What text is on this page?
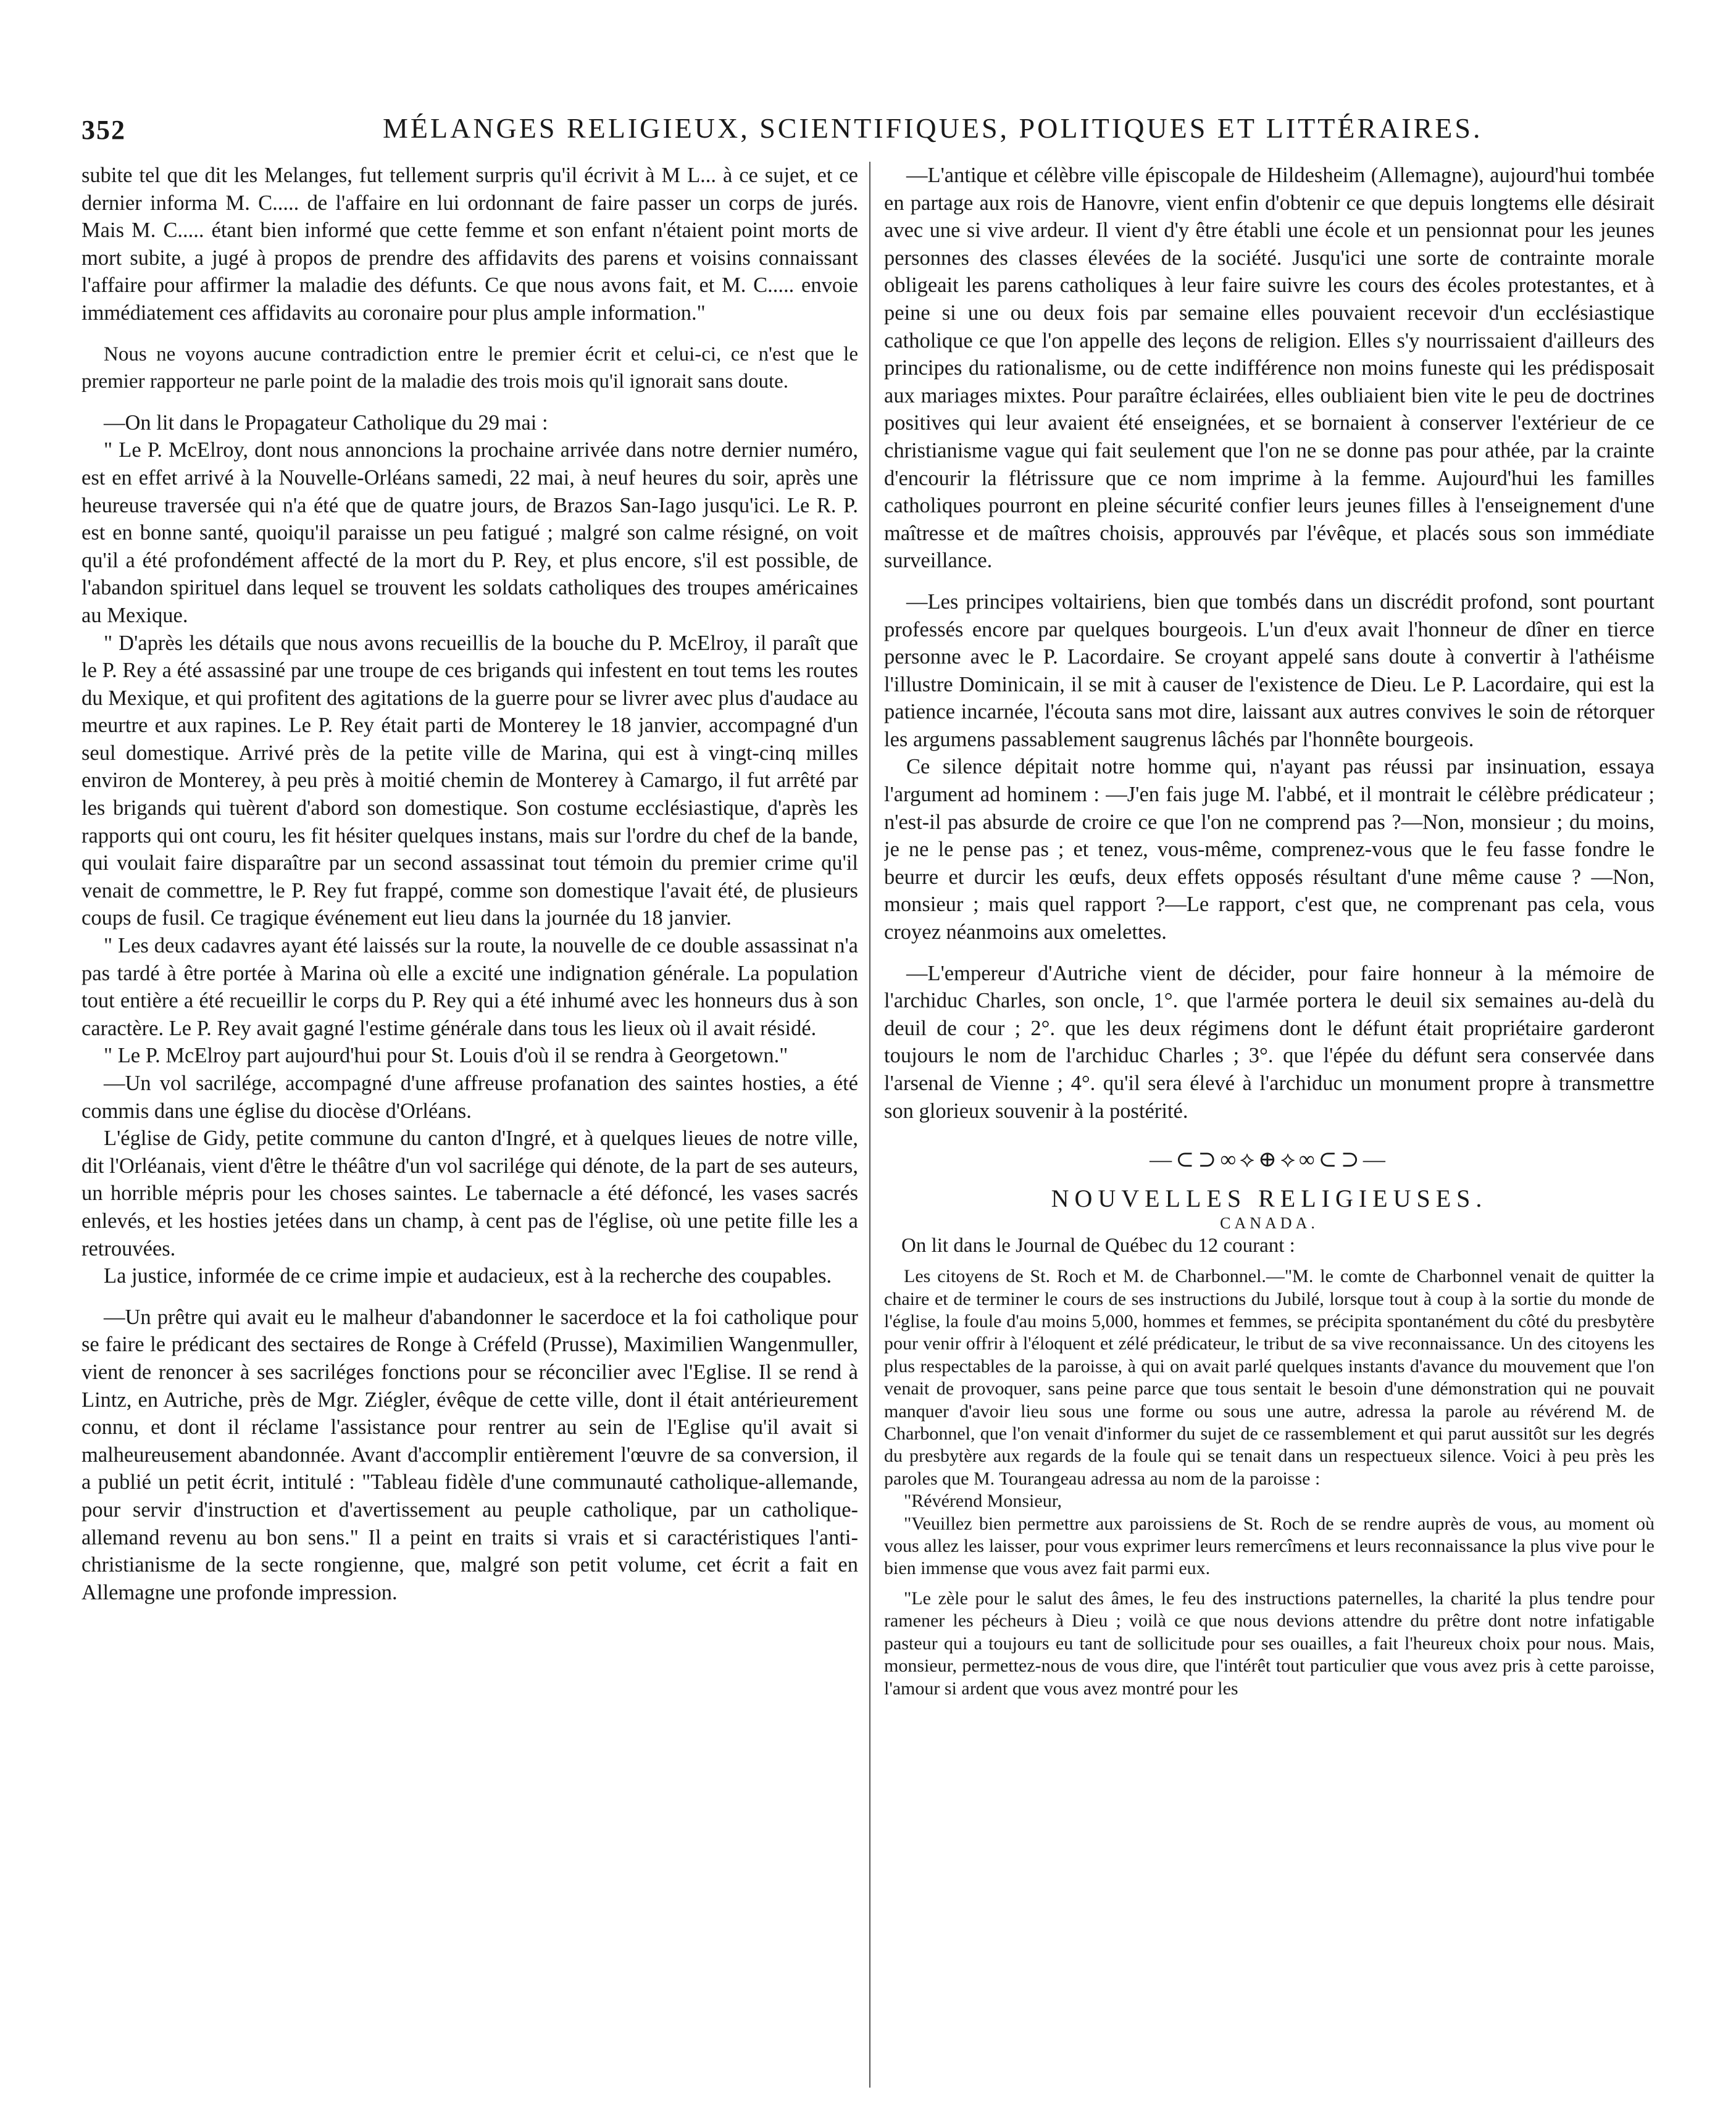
352	MÉLANGES RELIGIEUX, SCIENTIFIQUES, POLITIQUES ET LITTÉRAIRES.

subite tel que dit les Melanges, fut tellement surpris qu'il écrivit à M L... à ce sujet, et ce dernier informa M. C..... de l'affaire en lui ordonnant de faire passer un corps de jurés. Mais M. C..... étant bien informé que cette femme et son enfant n'étaient point morts de mort subite, a jugé à propos de prendre des affidavits des parens et voisins connaissant l'affaire pour affirmer la maladie des défunts. Ce que nous avons fait, et M. C..... envoie immédiatement ces affidavits au coronaire pour plus ample information."

Nous ne voyons aucune contradiction entre le premier écrit et celui-ci, ce n'est que le premier rapporteur ne parle point de la maladie des trois mois qu'il ignorait sans doute.

—On lit dans le Propagateur Catholique du 29 mai :

" Le P. McElroy, dont nous annoncions la prochaine arrivée dans notre dernier numéro, est en effet arrivé à la Nouvelle-Orléans samedi, 22 mai, à neuf heures du soir, après une heureuse traversée qui n'a été que de quatre jours, de Brazos San-Iago jusqu'ici. Le R. P. est en bonne santé, quoiqu'il paraisse un peu fatigué ; malgré son calme résigné, on voit qu'il a été profondément affecté de la mort du P. Rey, et plus encore, s'il est possible, de l'abandon spirituel dans lequel se trouvent les soldats catholiques des troupes américaines au Mexique.

" D'après les détails que nous avons recueillis de la bouche du P. McElroy, il paraît que le P. Rey a été assassiné par une troupe de ces brigands qui infestent en tout tems les routes du Mexique, et qui profitent des agitations de la guerre pour se livrer avec plus d'audace au meurtre et aux rapines. Le P. Rey était parti de Monterey le 18 janvier, accompagné d'un seul domestique. Arrivé près de la petite ville de Marina, qui est à vingt-cinq milles environ de Monterey, à peu près à moitié chemin de Monterey à Camargo, il fut arrêté par les brigands qui tuèrent d'abord son domestique. Son costume ecclésiastique, d'après les rapports qui ont couru, les fit hésiter quelques instans, mais sur l'ordre du chef de la bande, qui voulait faire disparaître par un second assassinat tout témoin du premier crime qu'il venait de commettre, le P. Rey fut frappé, comme son domestique l'avait été, de plusieurs coups de fusil. Ce tragique événement eut lieu dans la journée du 18 janvier.

" Les deux cadavres ayant été laissés sur la route, la nouvelle de ce double assassinat n'a pas tardé à être portée à Marina où elle a excité une indignation générale. La population tout entière a été recueillir le corps du P. Rey qui a été inhumé avec les honneurs dus à son caractère. Le P. Rey avait gagné l'estime générale dans tous les lieux où il avait résidé.

" Le P. McElroy part aujourd'hui pour St. Louis d'où il se rendra à Georgetown."

—Un vol sacrilége, accompagné d'une affreuse profanation des saintes hosties, a été commis dans une église du diocèse d'Orléans.

L'église de Gidy, petite commune du canton d'Ingré, et à quelques lieues de notre ville, dit l'Orléanais, vient d'être le théâtre d'un vol sacrilége qui dénote, de la part de ses auteurs, un horrible mépris pour les choses saintes. Le tabernacle a été défoncé, les vases sacrés enlevés, et les hosties jetées dans un champ, à cent pas de l'église, où une petite fille les a retrouvées.

La justice, informée de ce crime impie et audacieux, est à la recherche des coupables.

—Un prêtre qui avait eu le malheur d'abandonner le sacerdoce et la foi catholique pour se faire le prédicant des sectaires de Ronge à Créfeld (Prusse), Maximilien Wangenmuller, vient de renoncer à ses sacriléges fonctions pour se réconcilier avec l'Eglise. Il se rend à Lintz, en Autriche, près de Mgr. Ziégler, évêque de cette ville, dont il était antérieurement connu, et dont il réclame l'assistance pour rentrer au sein de l'Eglise qu'il avait si malheureusement abandonnée. Avant d'accomplir entièrement l'œuvre de sa conversion, il a publié un petit écrit, intitulé : "Tableau fidèle d'une communauté catholique-allemande, pour servir d'instruction et d'avertissement au peuple catholique, par un catholique-allemand revenu au bon sens." Il a peint en traits si vrais et si caractéristiques l'anti-christianisme de la secte rongienne, que, malgré son petit volume, cet écrit a fait en Allemagne une profonde impression.

—L'antique et célèbre ville épiscopale de Hildesheim (Allemagne), aujourd'hui tombée en partage aux rois de Hanovre, vient enfin d'obtenir ce que depuis longtems elle désirait avec une si vive ardeur. Il vient d'y être établi une école et un pensionnat pour les jeunes personnes des classes élevées de la société. Jusqu'ici une sorte de contrainte morale obligeait les parens catholiques à leur faire suivre les cours des écoles protestantes, et à peine si une ou deux fois par semaine elles pouvaient recevoir d'un ecclésiastique catholique ce que l'on appelle des leçons de religion. Elles s'y nourrissaient d'ailleurs des principes du rationalisme, ou de cette indifférence non moins funeste qui les prédisposait aux mariages mixtes. Pour paraître éclairées, elles oubliaient bien vite le peu de doctrines positives qui leur avaient été enseignées, et se bornaient à conserver l'extérieur de ce christianisme vague qui fait seulement que l'on ne se donne pas pour athée, par la crainte d'encourir la flétrissure que ce nom imprime à la femme. Aujourd'hui les familles catholiques pourront en pleine sécurité confier leurs jeunes filles à l'enseignement d'une maîtresse et de maîtres choisis, approuvés par l'évêque, et placés sous son immédiate surveillance.

—Les principes voltairiens, bien que tombés dans un discrédit profond, sont pourtant professés encore par quelques bourgeois. L'un d'eux avait l'honneur de dîner en tierce personne avec le P. Lacordaire. Se croyant appelé sans doute à convertir à l'athéisme l'illustre Dominicain, il se mit à causer de l'existence de Dieu. Le P. Lacordaire, qui est la patience incarnée, l'écouta sans mot dire, laissant aux autres convives le soin de rétorquer les argumens passablement saugrenus lâchés par l'honnête bourgeois.

Ce silence dépitait notre homme qui, n'ayant pas réussi par insinuation, essaya l'argument ad hominem : —J'en fais juge M. l'abbé, et il montrait le célèbre prédicateur ; n'est-il pas absurde de croire ce que l'on ne comprend pas ?—Non, monsieur ; du moins, je ne le pense pas ; et tenez, vous-même, comprenez-vous que le feu fasse fondre le beurre et durcir les œufs, deux effets opposés résultant d'une même cause ? —Non, monsieur ; mais quel rapport ?—Le rapport, c'est que, ne comprenant pas cela, vous croyez néanmoins aux omelettes.

—L'empereur d'Autriche vient de décider, pour faire honneur à la mémoire de l'archiduc Charles, son oncle, 1°. que l'armée portera le deuil six semaines au-delà du deuil de cour ; 2°. que les deux régimens dont le défunt était propriétaire garderont toujours le nom de l'archiduc Charles ; 3°. que l'épée du défunt sera conservée dans l'arsenal de Vienne ; 4°. qu'il sera élevé à l'archiduc un monument propre à transmettre son glorieux souvenir à la postérité.

—⊂⊃∞⟡⊕⟡∞⊂⊃—
NOUVELLES RELIGIEUSES.
CANADA.

On lit dans le Journal de Québec du 12 courant :

Les citoyens de St. Roch et M. de Charbonnel.—"M. le comte de Charbonnel venait de quitter la chaire et de terminer le cours de ses instructions du Jubilé, lorsque tout à coup à la sortie du monde de l'église, la foule d'au moins 5,000, hommes et femmes, se précipita spontanément du côté du presbytère pour venir offrir à l'éloquent et zélé prédicateur, le tribut de sa vive reconnaissance. Un des citoyens les plus respectables de la paroisse, à qui on avait parlé quelques instants d'avance du mouvement que l'on venait de provoquer, sans peine parce que tous sentait le besoin d'une démonstration qui ne pouvait manquer d'avoir lieu sous une forme ou sous une autre, adressa la parole au révérend M. de Charbonnel, que l'on venait d'informer du sujet de ce rassemblement et qui parut aussitôt sur les degrés du presbytère aux regards de la foule qui se tenait dans un respectueux silence. Voici à peu près les paroles que M. Tourangeau adressa au nom de la paroisse :

"Révérend Monsieur,

"Veuillez bien permettre aux paroissiens de St. Roch de se rendre auprès de vous, au moment où vous allez les laisser, pour vous exprimer leurs remercîmens et leurs reconnaissance la plus vive pour le bien immense que vous avez fait parmi eux.

"Le zèle pour le salut des âmes, le feu des instructions paternelles, la charité la plus tendre pour ramener les pécheurs à Dieu ; voilà ce que nous devions attendre du prêtre dont notre infatigable pasteur qui a toujours eu tant de sollicitude pour ses ouailles, a fait l'heureux choix pour nous. Mais, monsieur, permettez-nous de vous dire, que l'intérêt tout particulier que vous avez pris à cette paroisse, l'amour si ardent que vous avez montré pour les
